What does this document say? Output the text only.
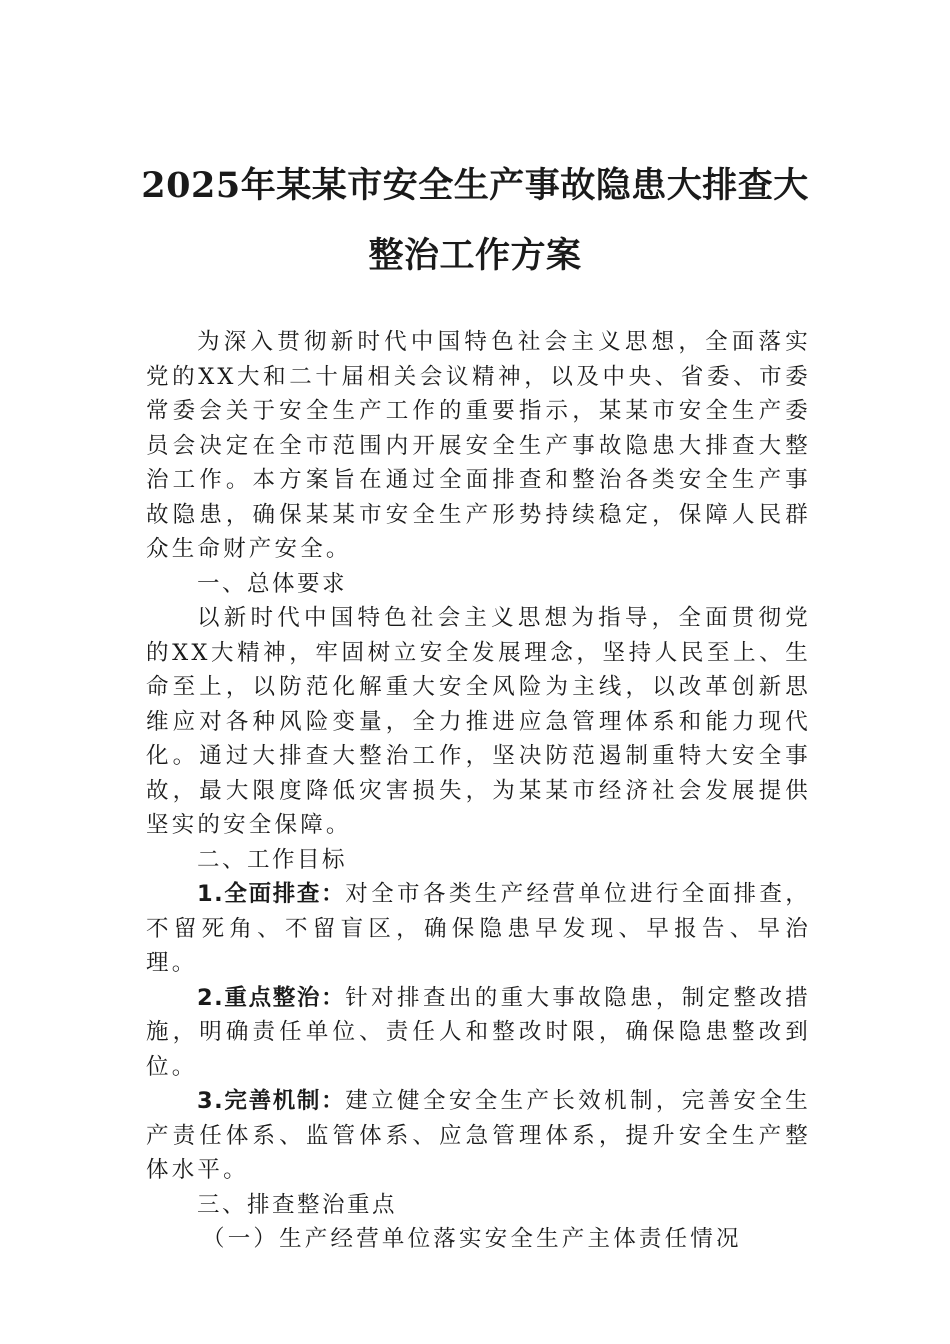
2025年某某市安全生产事故隐患大排查大
整治工作方案

为深入贯彻新时代中国特色社会主义思想，全面落实党的XX大和二十届相关会议精神，以及中央、省委、市委常委会关于安全生产工作的重要指示，某某市安全生产委员会决定在全市范围内开展安全生产事故隐患大排查大整治工作。本方案旨在通过全面排查和整治各类安全生产事故隐患，确保某某市安全生产形势持续稳定，保障人民群众生命财产安全。

一、总体要求

以新时代中国特色社会主义思想为指导，全面贯彻党的XX大精神，牢固树立安全发展理念，坚持人民至上、生命至上，以防范化解重大安全风险为主线，以改革创新思维应对各种风险变量，全力推进应急管理体系和能力现代化。通过大排查大整治工作，坚决防范遏制重特大安全事故，最大限度降低灾害损失，为某某市经济社会发展提供坚实的安全保障。

二、工作目标

1.全面排查：对全市各类生产经营单位进行全面排查，不留死角、不留盲区，确保隐患早发现、早报告、早治理。

2.重点整治：针对排查出的重大事故隐患，制定整改措施，明确责任单位、责任人和整改时限，确保隐患整改到位。

3.完善机制：建立健全安全生产长效机制，完善安全生产责任体系、监管体系、应急管理体系，提升安全生产整体水平。

三、排查整治重点

（一）生产经营单位落实安全生产主体责任情况
